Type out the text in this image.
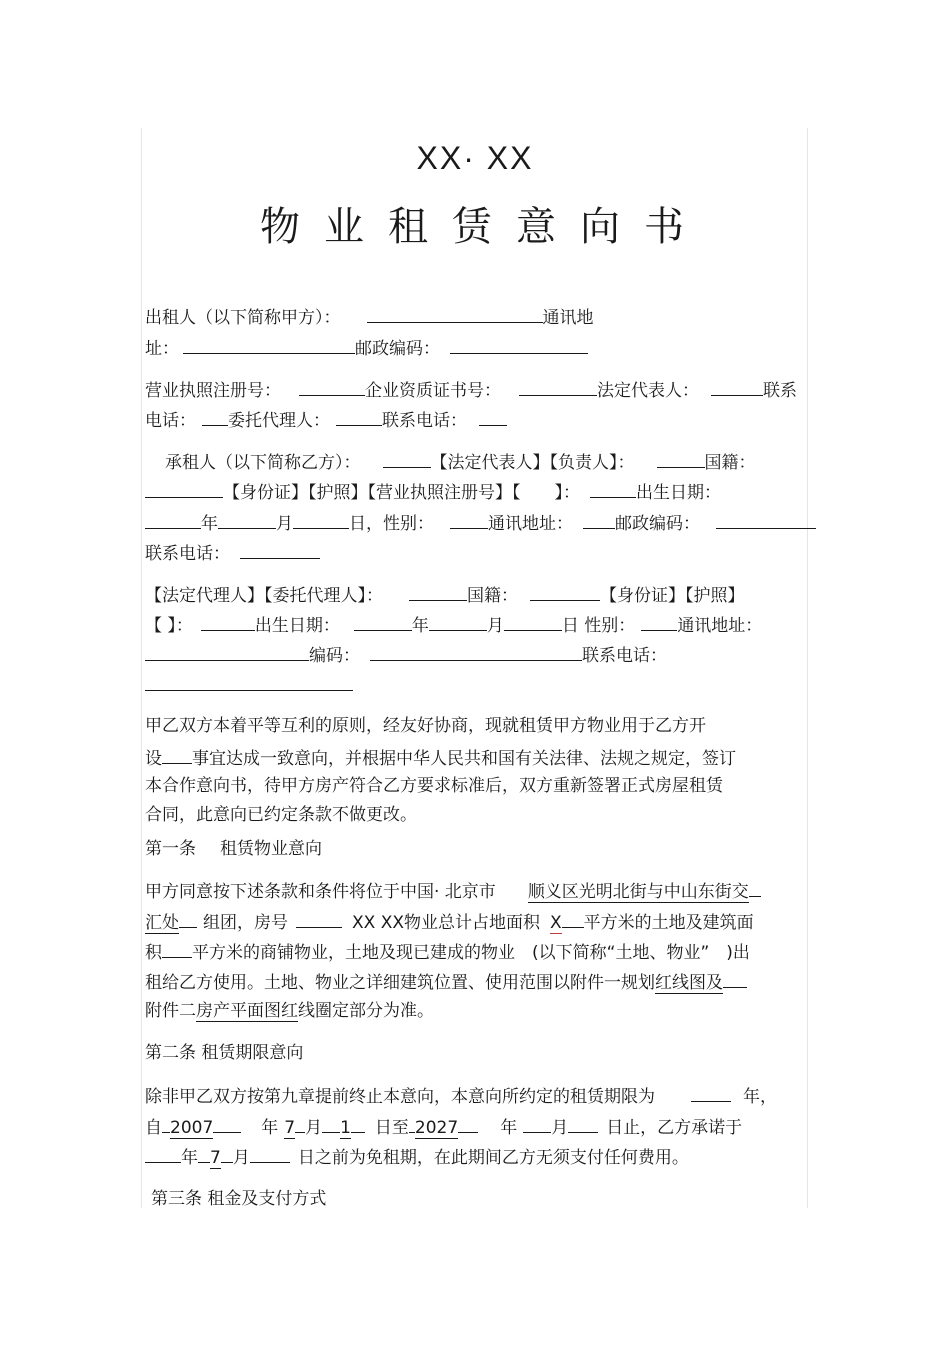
XX· XX
物业租赁意向书
出租人（以下简称甲方）：	通讯地
址：	邮政编码：
营业执照注册号：	企业资质证书号：	法定代表人：	联系
电话： 委托代理人：	联系电话：
承租人（以下简称乙方）：	【法定代表人】【负责人】：	国籍：
【身份证】【护照】【营业执照注册号】【 】：	出生日期：
年	月	日，性别：	通讯地址： 邮政编码：
联系电话：
【法定代理人】【委托代理人】：	国籍：	【身份证】【护照】
【 】：	出生日期：	年	月	日 性别： 通讯地址：
编码：	联系电话：
甲乙双方本着平等互利的原则，经友好协商，现就租赁甲方物业用于乙方开
设 事宜达成一致意向，并根据中华人民共和国有关法律、法规之规定，签订
本合作意向书，待甲方房产符合乙方要求标准后，双方重新签署正式房屋租赁
合同，此意向已约定条款不做更改。
第一条 租赁物业意向
甲方同意按下述条款和条件将位于中国· 北京市 顺义区光明北街与中山东街交
汇处 组团，房号	XX XX物业总计占地面积 X 平方米的土地及建筑面
积 平方米的商铺物业，土地及现已建成的物业　(以下简称“土地、物业”　)出
租给乙方使用。土地、物业之详细建筑位置、使用范围以附件一规划红线图及
附件二房产平面图红线圈定部分为准。
第二条 租赁期限意向
除非甲乙双方按第九章提前终止本意向，本意向所约定的租赁期限为	年，
自 2007	年 7 月 1 日至 2027 年 月 日止，乙方承诺于
年 7 月	日之前为免租期，在此期间乙方无须支付任何费用。
第三条 租金及支付方式
